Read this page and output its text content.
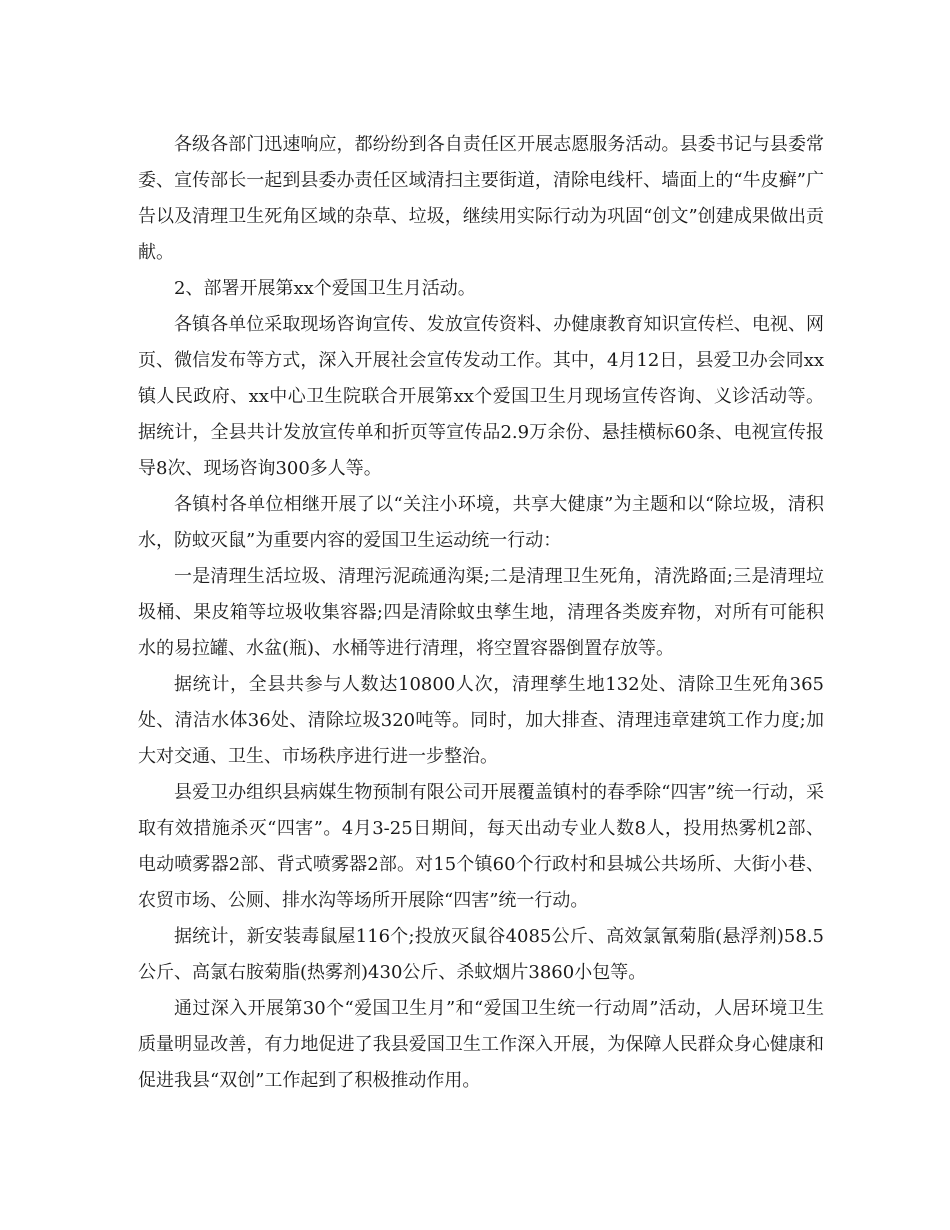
各级各部门迅速响应，都纷纷到各自责任区开展志愿服务活动。县委书记与县委常委、宣传部长一起到县委办责任区域清扫主要街道，清除电线杆、墙面上的“牛皮癣”广告以及清理卫生死角区域的杂草、垃圾，继续用实际行动为巩固“创文”创建成果做出贡献。

2、部署开展第xx个爱国卫生月活动。

各镇各单位采取现场咨询宣传、发放宣传资料、办健康教育知识宣传栏、电视、网页、微信发布等方式，深入开展社会宣传发动工作。其中，4月12日，县爱卫办会同xx镇人民政府、xx中心卫生院联合开展第xx个爱国卫生月现场宣传咨询、义诊活动等。据统计，全县共计发放宣传单和折页等宣传品2.9万余份、悬挂横标60条、电视宣传报导8次、现场咨询300多人等。

各镇村各单位相继开展了以“关注小环境，共享大健康”为主题和以“除垃圾，清积水，防蚊灭鼠”为重要内容的爱国卫生运动统一行动：

一是清理生活垃圾、清理污泥疏通沟渠;二是清理卫生死角，清洗路面;三是清理垃圾桶、果皮箱等垃圾收集容器;四是清除蚊虫孳生地，清理各类废弃物，对所有可能积水的易拉罐、水盆(瓶)、水桶等进行清理，将空置容器倒置存放等。

据统计，全县共参与人数达10800人次，清理孳生地132处、清除卫生死角365处、清洁水体36处、清除垃圾320吨等。同时，加大排查、清理违章建筑工作力度;加大对交通、卫生、市场秩序进行进一步整治。

县爱卫办组织县病媒生物预制有限公司开展覆盖镇村的春季除“四害”统一行动，采取有效措施杀灭“四害”。4月3-25日期间，每天出动专业人数8人，投用热雾机2部、电动喷雾器2部、背式喷雾器2部。对15个镇60个行政村和县城公共场所、大街小巷、农贸市场、公厕、排水沟等场所开展除“四害”统一行动。

据统计，新安装毒鼠屋116个;投放灭鼠谷4085公斤、高效氯氰菊脂(悬浮剂)58.5公斤、高氯右胺菊脂(热雾剂)430公斤、杀蚊烟片3860小包等。

通过深入开展第30个“爱国卫生月”和“爱国卫生统一行动周”活动，人居环境卫生质量明显改善，有力地促进了我县爱国卫生工作深入开展，为保障人民群众身心健康和促进我县“双创”工作起到了积极推动作用。
